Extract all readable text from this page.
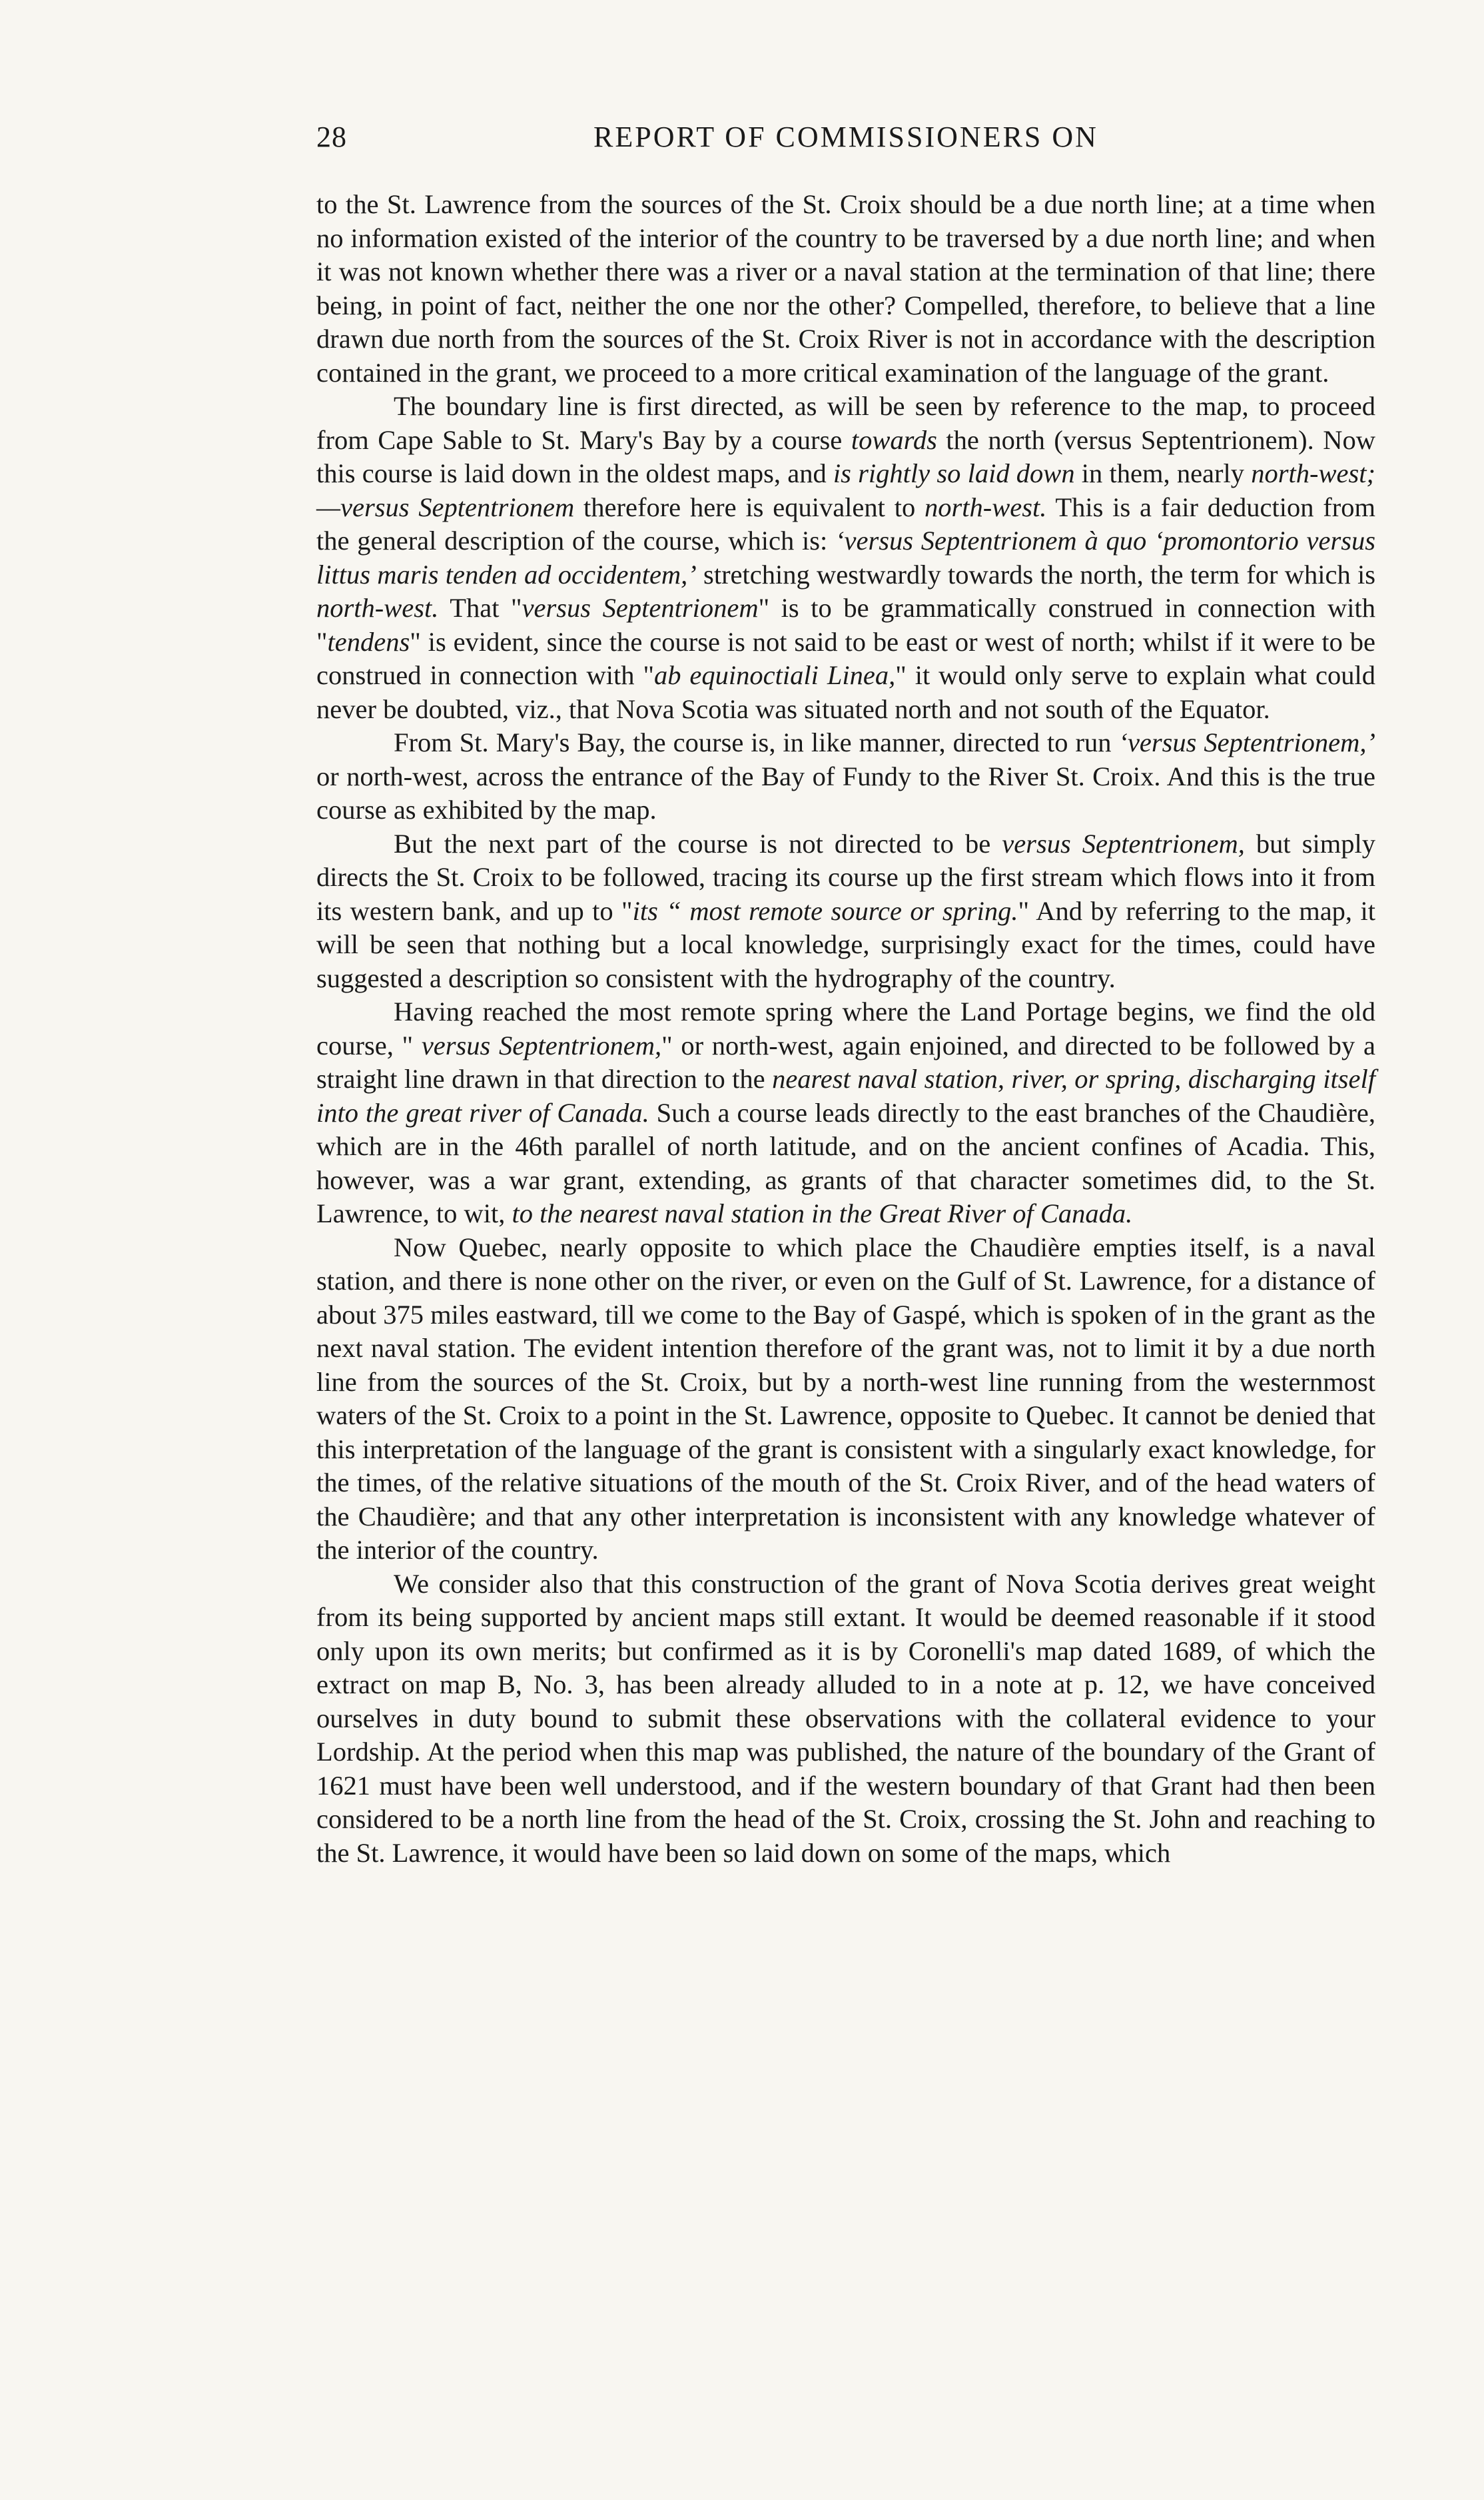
28	REPORT OF COMMISSIONERS ON

to the St. Lawrence from the sources of the St. Croix should be a due north line; at a time when no information existed of the interior of the country to be traversed by a due north line; and when it was not known whether there was a river or a naval station at the termination of that line; there being, in point of fact, neither the one nor the other? Compelled, therefore, to believe that a line drawn due north from the sources of the St. Croix River is not in accordance with the description contained in the grant, we proceed to a more critical examination of the language of the grant.

The boundary line is first directed, as will be seen by reference to the map, to proceed from Cape Sable to St. Mary's Bay by a course towards the north (versus Septentrionem). Now this course is laid down in the oldest maps, and is rightly so laid down in them, nearly north-west;—versus Septentrionem therefore here is equivalent to north-west. This is a fair deduction from the general description of the course, which is: ‘versus Septentrionem à quo ‘promontorio versus littus maris tenden ad occidentem,’ stretching westwardly towards the north, the term for which is north-west. That "versus Septentrionem" is to be grammatically construed in connection with "tendens" is evident, since the course is not said to be east or west of north; whilst if it were to be construed in connection with "ab equinoctiali Linea," it would only serve to explain what could never be doubted, viz., that Nova Scotia was situated north and not south of the Equator.

From St. Mary's Bay, the course is, in like manner, directed to run ‘versus Septentrionem,’ or north-west, across the entrance of the Bay of Fundy to the River St. Croix. And this is the true course as exhibited by the map.

But the next part of the course is not directed to be versus Septentrionem, but simply directs the St. Croix to be followed, tracing its course up the first stream which flows into it from its western bank, and up to "its “ most remote source or spring." And by referring to the map, it will be seen that nothing but a local knowledge, surprisingly exact for the times, could have suggested a description so consistent with the hydrography of the country.

Having reached the most remote spring where the Land Portage begins, we find the old course, " versus Septentrionem," or north-west, again enjoined, and directed to be followed by a straight line drawn in that direction to the nearest naval station, river, or spring, discharging itself into the great river of Canada. Such a course leads directly to the east branches of the Chaudière, which are in the 46th parallel of north latitude, and on the ancient confines of Acadia. This, however, was a war grant, extending, as grants of that character sometimes did, to the St. Lawrence, to wit, to the nearest naval station in the Great River of Canada.

Now Quebec, nearly opposite to which place the Chaudière empties itself, is a naval station, and there is none other on the river, or even on the Gulf of St. Lawrence, for a distance of about 375 miles eastward, till we come to the Bay of Gaspé, which is spoken of in the grant as the next naval station. The evident intention therefore of the grant was, not to limit it by a due north line from the sources of the St. Croix, but by a north-west line running from the westernmost waters of the St. Croix to a point in the St. Lawrence, opposite to Quebec. It cannot be denied that this interpretation of the language of the grant is consistent with a singularly exact knowledge, for the times, of the relative situations of the mouth of the St. Croix River, and of the head waters of the Chaudière; and that any other interpretation is inconsistent with any knowledge whatever of the interior of the country.

We consider also that this construction of the grant of Nova Scotia derives great weight from its being supported by ancient maps still extant. It would be deemed reasonable if it stood only upon its own merits; but confirmed as it is by Coronelli's map dated 1689, of which the extract on map B, No. 3, has been already alluded to in a note at p. 12, we have conceived ourselves in duty bound to submit these observations with the collateral evidence to your Lordship. At the period when this map was published, the nature of the boundary of the Grant of 1621 must have been well understood, and if the western boundary of that Grant had then been considered to be a north line from the head of the St. Croix, crossing the St. John and reaching to the St. Lawrence, it would have been so laid down on some of the maps, which
